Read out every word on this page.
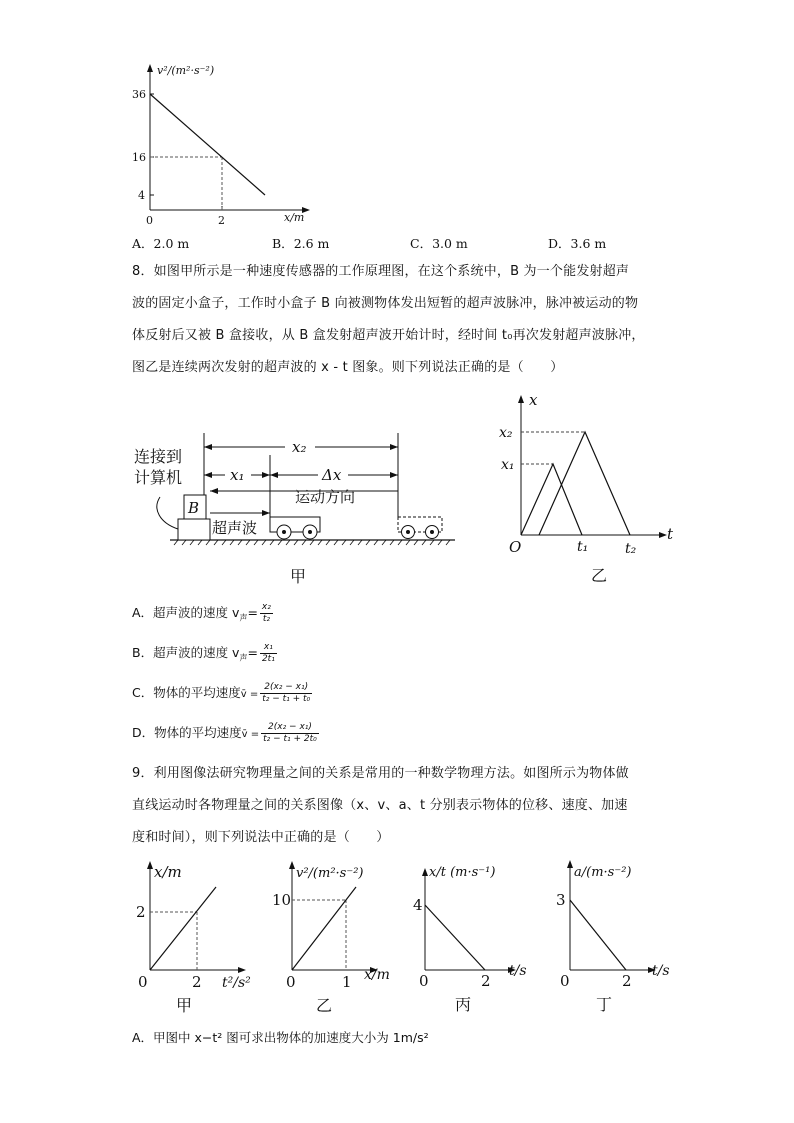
v²/(m²·s⁻²)
x/m
0
36
16
4
2
A．2.0 m	B．2.6 m	C．3.0 m	D．3.6 m
8．如图甲所示是一种速度传感器的工作原理图，在这个系统中，B 为一个能发射超声
波的固定小盒子，工作时小盒子 B 向被测物体发出短暂的超声波脉冲，脉冲被运动的物
体反射后又被 B 盒接收，从 B 盒发射超声波开始计时，经时间 t₀再次发射超声波脉冲，
图乙是连续两次发射的超声波的 x - t 图象。则下列说法正确的是（　　）
B
连接到
计算机
x₂
x₁	Δx
运动方向
超声波
甲
x
t
O
x₂
x₁
t₁	t₂
乙
A．超声波的速度 $v_声= \frac{\text{x₂}}{\text{t₂}}$
B．超声波的速度 $v_声= \frac{\text{x₁}}{\text{2t₁}}$
C．物体的平均速度v̄ = $\frac{\text{2(x₂ − x₁)}}{\text{t₂ − t₁ + t₀}}$
D．物体的平均速度v̄ = $\frac{\text{2(x₂ − x₁)}}{\text{t₂ − t₁ + 2t₀}}$
9．利用图像法研究物理量之间的关系是常用的一种数学物理方法。如图所示为物体做
直线运动时各物理量之间的关系图像（x、v、a、t 分别表示物体的位移、速度、加速
度和时间），则下列说法中正确的是（　　）
x/m
t²/s²
2
2
0
甲
v²/(m²·s⁻²)
x/m
10
1
0
乙
x/t (m·s⁻¹)
t/s
4
2
0
丙
a/(m·s⁻²)
t/s
3
2
0
丁
A．甲图中 x−t² 图可求出物体的加速度大小为 1m/s²
